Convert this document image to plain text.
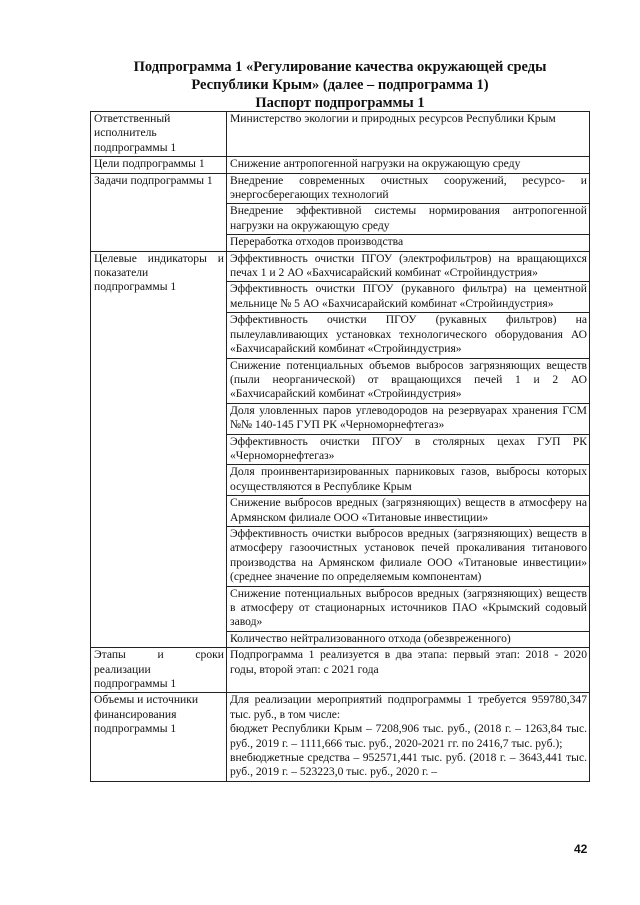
Подпрограмма 1 «Регулирование качества окружающей среды
Республики Крым» (далее – подпрограмма 1)
Паспорт подпрограммы 1
Ответственный исполнитель подпрограммы 1	Министерство экологии и природных ресурсов Республики Крым
Цели подпрограммы 1	Снижение антропогенной нагрузки на окружающую среду
Задачи подпрограммы 1	Внедрение современных очистных сооружений, ресурсо- и энергосберегающих технологий
	Внедрение эффективной системы нормирования антропогенной нагрузки на окружающую среду
	Переработка отходов производства
Целевые индикаторы и показатели подпрограммы 1	Эффективность очистки ПГОУ (электрофильтров) на вращающихся печах 1 и 2 АО «Бахчисарайский комбинат «Стройиндустрия»
	Эффективность очистки ПГОУ (рукавного фильтра) на цементной мельнице № 5 АО «Бахчисарайский комбинат «Стройиндустрия»
	Эффективность очистки ПГОУ (рукавных фильтров) на пылеулавливающих установках технологического оборудования АО «Бахчисарайский комбинат «Стройиндустрия»
	Снижение потенциальных объемов выбросов загрязняющих веществ (пыли неорганической) от вращающихся печей 1 и 2 АО «Бахчисарайский комбинат «Стройиндустрия»
	Доля уловленных паров углеводородов на резервуарах хранения ГСМ №№ 140-145 ГУП РК «Черноморнефтегаз»
	Эффективность очистки ПГОУ в столярных цехах ГУП РК «Черноморнефтегаз»
	Доля проинвентаризированных парниковых газов, выбросы которых осуществляются в Республике Крым
	Снижение выбросов вредных (загрязняющих) веществ в атмосферу на Армянском филиале ООО «Титановые инвестиции»
	Эффективность очистки выбросов вредных (загрязняющих) веществ в атмосферу газоочистных установок печей прокаливания титанового производства на Армянском филиале ООО «Титановые инвестиции» (среднее значение по определяемым компонентам)
	Снижение потенциальных выбросов вредных (загрязняющих) веществ в атмосферу от стационарных источников ПАО «Крымский содовый завод»
	Количество нейтрализованного отхода (обезвреженного)
Этапы и сроки реализации подпрограммы 1	Подпрограмма 1 реализуется в два этапа: первый этап: 2018 - 2020 годы, второй этап: с 2021 года
Объемы и источники финансирования подпрограммы 1	Для реализации мероприятий подпрограммы 1 требуется 959780,347 тыс. руб., в том числе:
бюджет Республики Крым – 7208,906 тыс. руб., (2018 г. – 1263,84 тыс. руб., 2019 г. – 1111,666 тыс. руб., 2020-2021 гг. по 2416,7 тыс. руб.);
внебюджетные средства – 952571,441 тыс. руб. (2018 г. – 3643,441 тыс. руб., 2019 г. – 523223,0 тыс. руб., 2020 г. –
42
